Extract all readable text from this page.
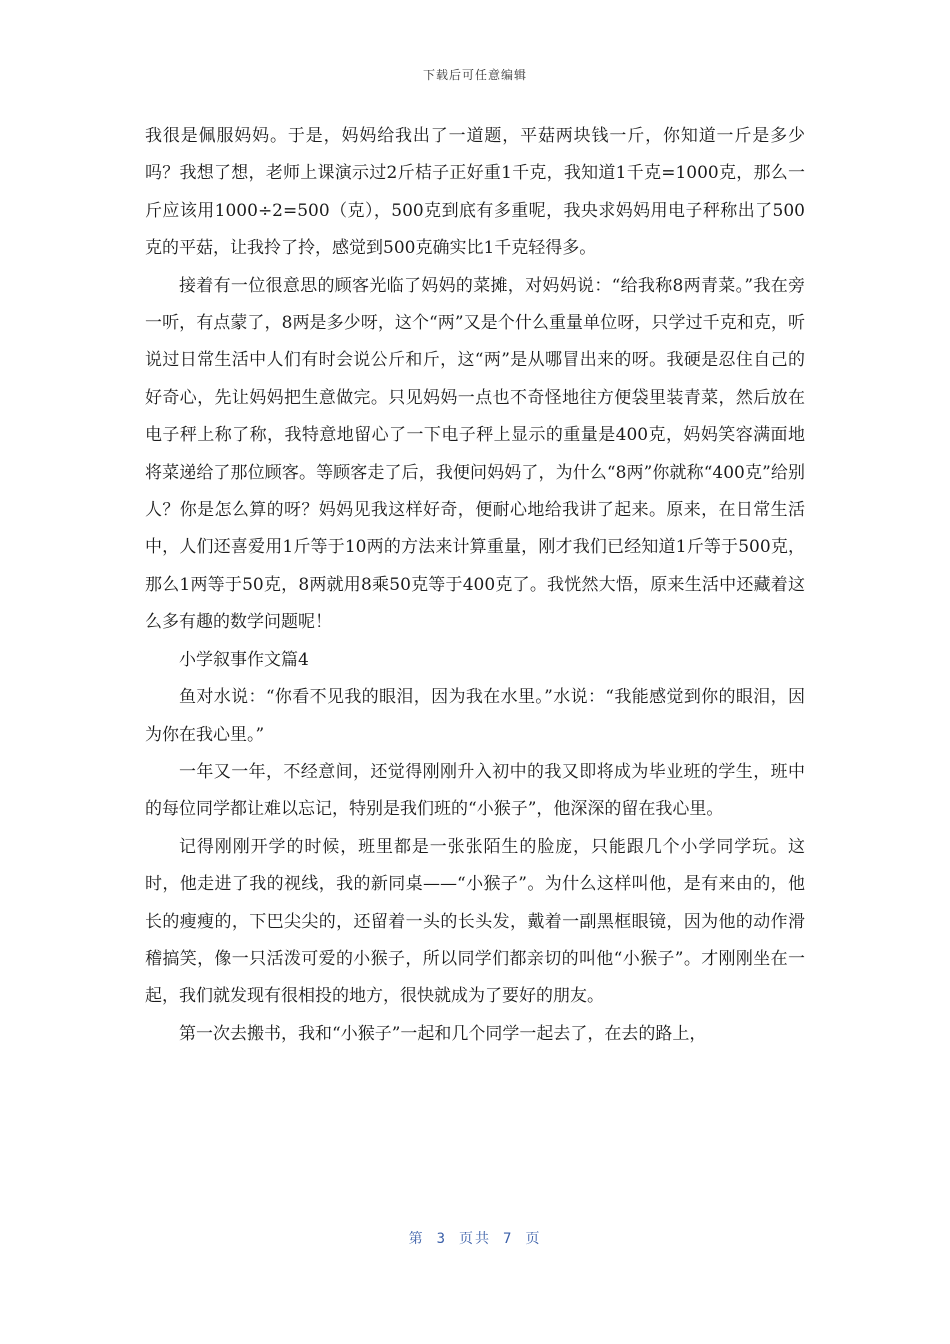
下载后可任意编辑

我很是佩服妈妈。于是，妈妈给我出了一道题，平菇两块钱一斤，你知道一斤是多少吗？我想了想，老师上课演示过2斤桔子正好重1千克，我知道1千克=1000克，那么一斤应该用1000÷2=500（克），500克到底有多重呢，我央求妈妈用电子秤称出了500克的平菇，让我拎了拎，感觉到500克确实比1千克轻得多。

接着有一位很意思的顾客光临了妈妈的菜摊，对妈妈说：“给我称8两青菜。”我在旁一听，有点蒙了，8两是多少呀，这个“两”又是个什么重量单位呀，只学过千克和克，听说过日常生活中人们有时会说公斤和斤，这“两”是从哪冒出来的呀。我硬是忍住自己的好奇心，先让妈妈把生意做完。只见妈妈一点也不奇怪地往方便袋里装青菜，然后放在电子秤上称了称，我特意地留心了一下电子秤上显示的重量是400克，妈妈笑容满面地将菜递给了那位顾客。等顾客走了后，我便问妈妈了，为什么“8两”你就称“400克”给别人？你是怎么算的呀？妈妈见我这样好奇，便耐心地给我讲了起来。原来，在日常生活中，人们还喜爱用1斤等于10两的方法来计算重量，刚才我们已经知道1斤等于500克，那么1两等于50克，8两就用8乘50克等于400克了。我恍然大悟，原来生活中还藏着这么多有趣的数学问题呢！

小学叙事作文篇4

鱼对水说：“你看不见我的眼泪，因为我在水里。”水说：“我能感觉到你的眼泪，因为你在我心里。”

一年又一年，不经意间，还觉得刚刚升入初中的我又即将成为毕业班的学生，班中的每位同学都让难以忘记，特别是我们班的“小猴子”，他深深的留在我心里。

记得刚刚开学的时候，班里都是一张张陌生的脸庞，只能跟几个小学同学玩。这时，他走进了我的视线，我的新同桌——“小猴子”。为什么这样叫他，是有来由的，他长的瘦瘦的，下巴尖尖的，还留着一头的长头发，戴着一副黑框眼镜，因为他的动作滑稽搞笑，像一只活泼可爱的小猴子，所以同学们都亲切的叫他“小猴子”。才刚刚坐在一起，我们就发现有很相投的地方，很快就成为了要好的朋友。

第一次去搬书，我和“小猴子”一起和几个同学一起去了，在去的路上，

第 3 页共 7 页
